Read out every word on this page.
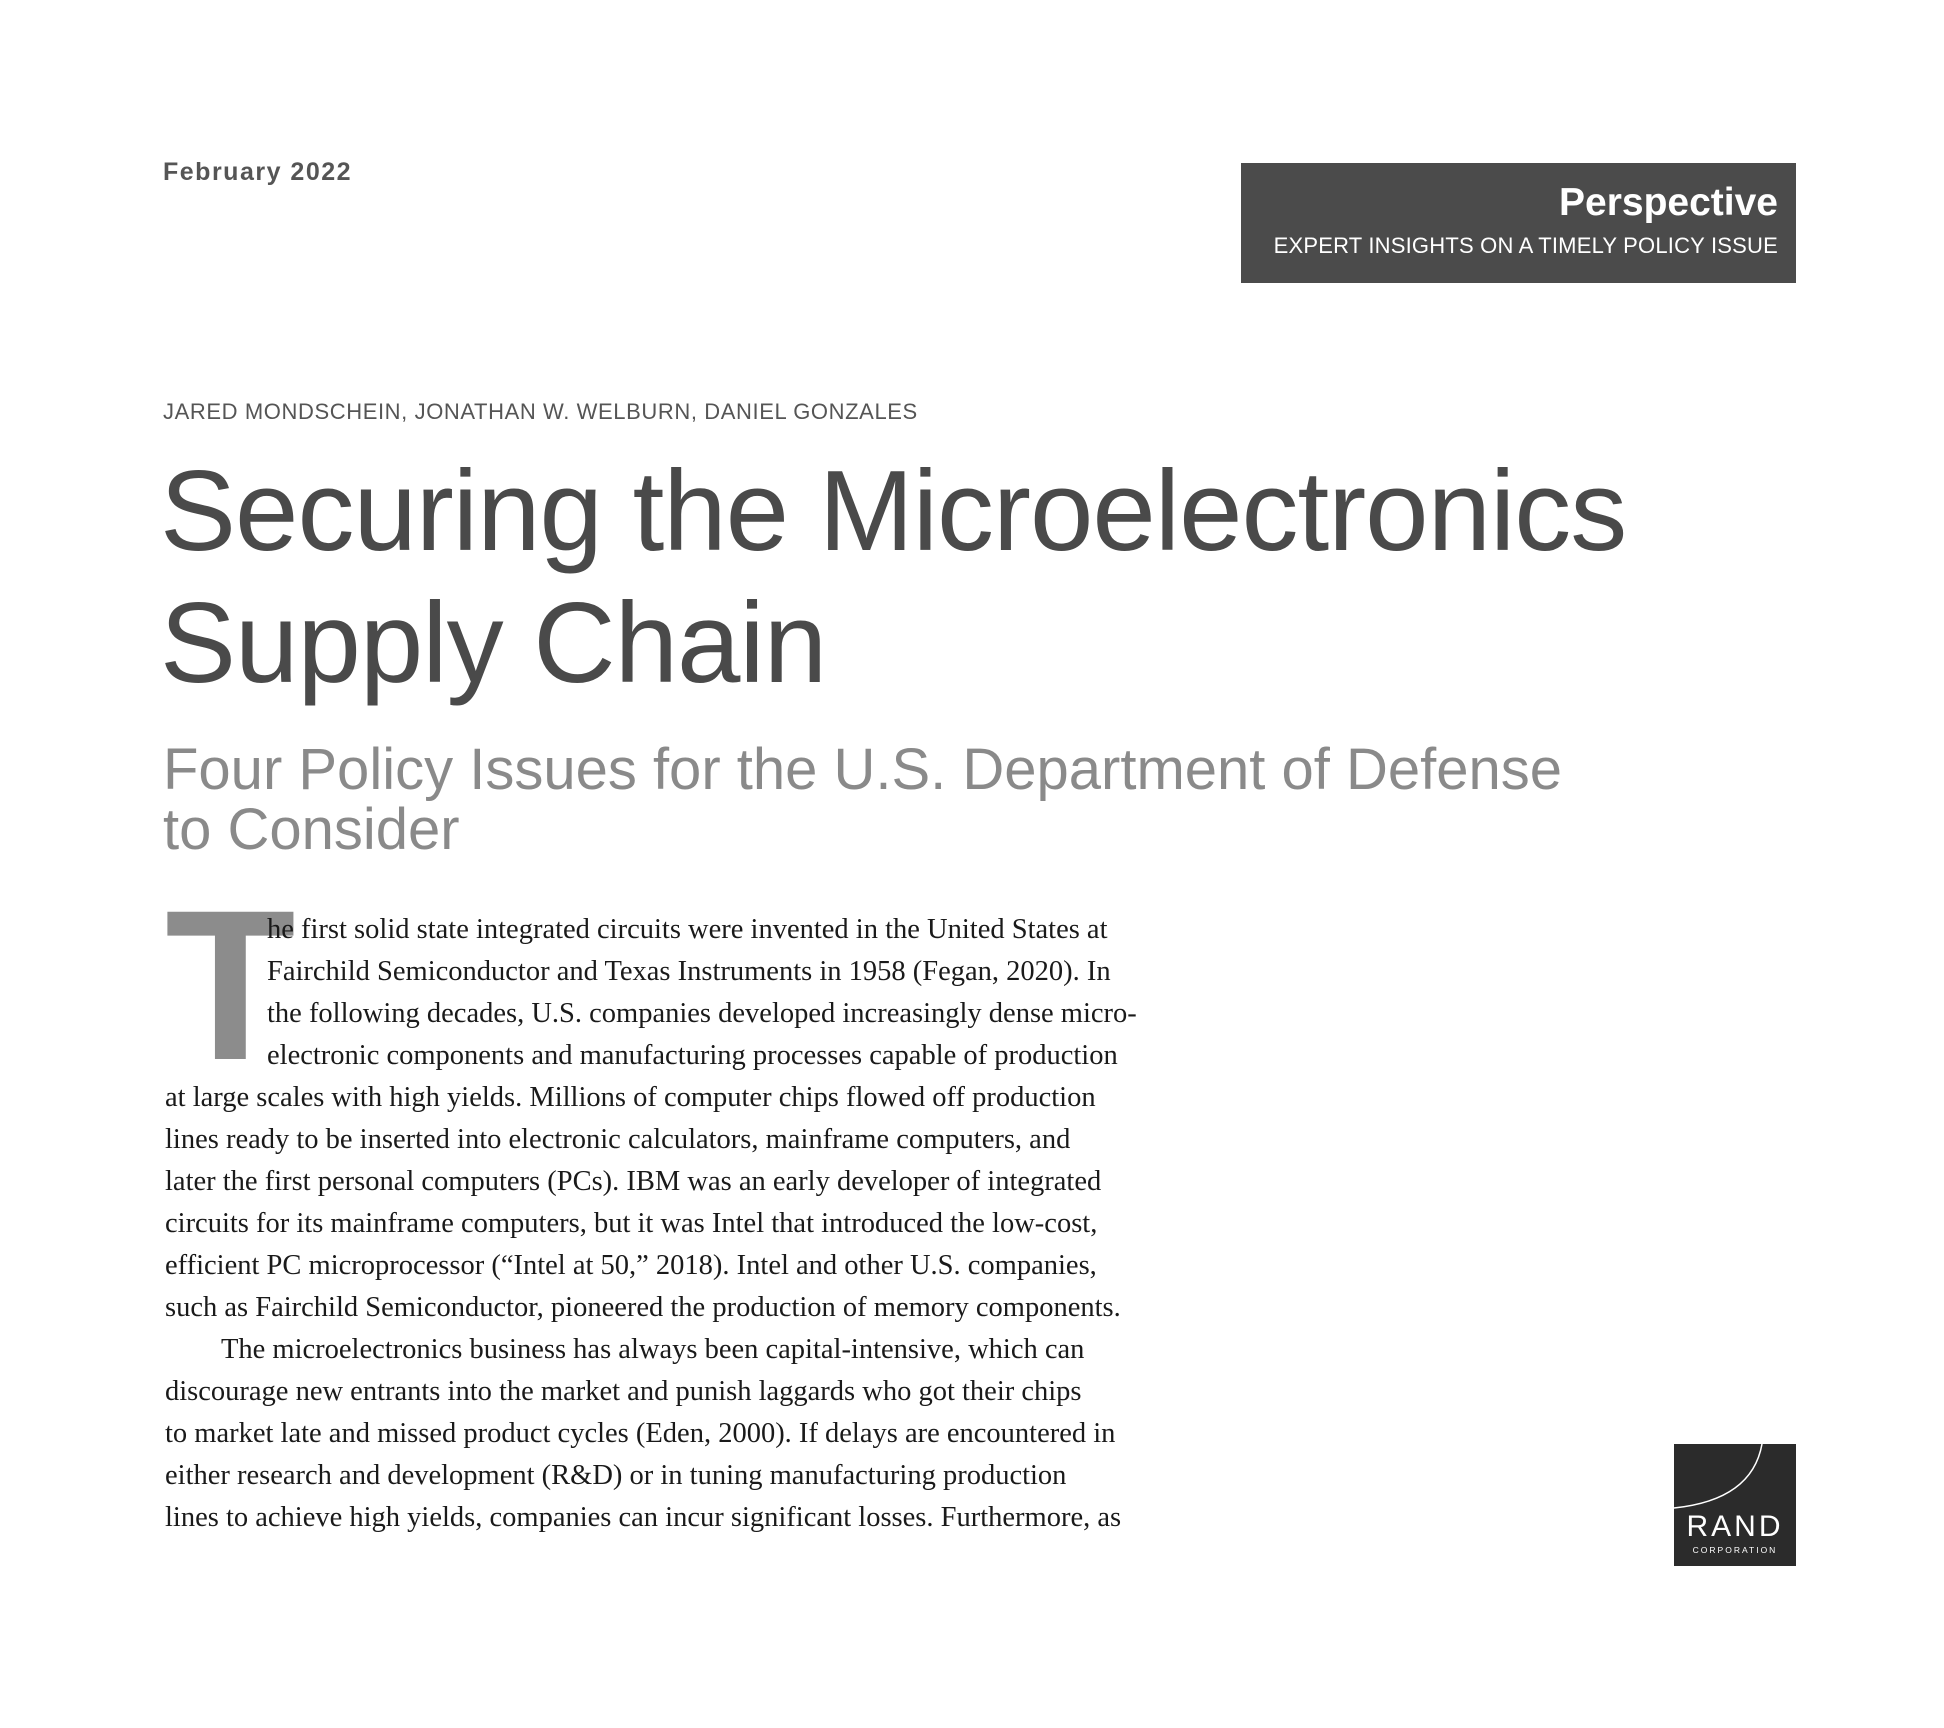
February 2022
Perspective
EXPERT INSIGHTS ON A TIMELY POLICY ISSUE
JARED MONDSCHEIN, JONATHAN W. WELBURN, DANIEL GONZALES
Securing the Microelectronics
Supply Chain
Four Policy Issues for the U.S. Department of Defense
to Consider
T
he first solid state integrated circuits were invented in the United States at
Fairchild Semiconductor and Texas Instruments in 1958 (Fegan, 2020). In
the following decades, U.S. companies developed increasingly dense micro-
electronic components and manufacturing processes capable of production
at large scales with high yields. Millions of computer chips flowed off production
lines ready to be inserted into electronic calculators, mainframe computers, and
later the first personal computers (PCs). IBM was an early developer of integrated
circuits for its mainframe computers, but it was Intel that introduced the low-cost,
efficient PC microprocessor (“Intel at 50,” 2018). Intel and other U.S. companies,
such as Fairchild Semiconductor, pioneered the production of memory components.
The microelectronics business has always been capital-intensive, which can
discourage new entrants into the market and punish laggards who got their chips
to market late and missed product cycles (Eden, 2000). If delays are encountered in
either research and development (R&D) or in tuning manufacturing production
lines to achieve high yields, companies can incur significant losses. Furthermore, as	RAND
CORPORATION
